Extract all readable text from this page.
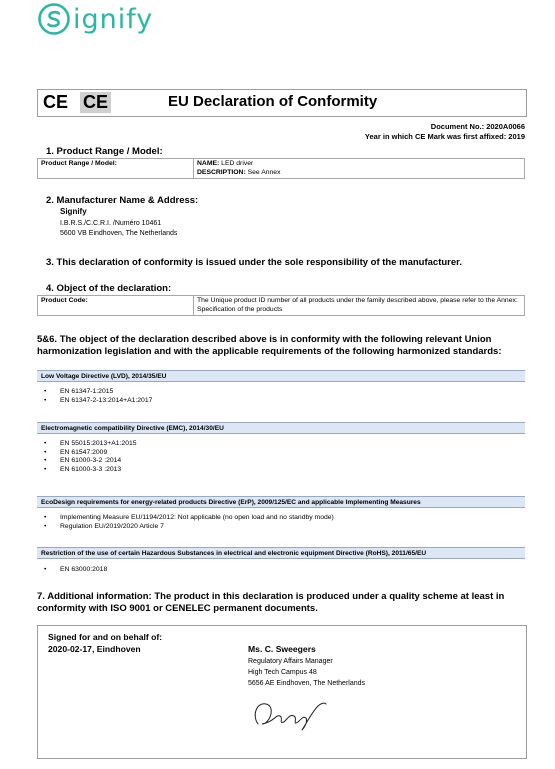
ignify
CE CE	EU Declaration of Conformity
Document No.: 2020A0066
Year in which CE Mark was first affixed: 2019
1. Product Range / Model:
Product Range / Model:	NAME: LED driver
DESCRIPTION: See Annex
2. Manufacturer Name & Address:
Signify
I.B.R.S./C.C.R.I. /Numéro 10461
5600 VB Eindhoven, The Netherlands
3. This declaration of conformity is issued under the sole responsibility of the manufacturer.
4. Object of the declaration:
Product Code:	The Unique product ID number of all products under the family described above, please refer to the Annex: Specification of the products
5&6. The object of the declaration described above is in conformity with the following relevant Union
harmonization legislation and with the applicable requirements of the following harmonized standards:
Low Voltage Directive (LVD), 2014/35/EU
• EN 61347-1:2015
• EN 61347-2-13:2014+A1:2017
Electromagnetic compatibility Directive (EMC), 2014/30/EU
• EN 55015:2013+A1:2015
• EN 61547:2009
• EN 61000-3-2 :2014
• EN 61000-3-3 :2013
EcoDesign requirements for energy-related products Directive (ErP), 2009/125/EC and applicable Implementing Measures
• Implementing Measure EU/1194/2012: Not applicable (no open load and no standby mode)
• Regulation EU/2019/2020 Article 7
Restriction of the use of certain Hazardous Substances in electrical and electronic equipment Directive (RoHS), 2011/65/EU
• EN 63000:2018
7. Additional information: The product in this declaration is produced under a quality scheme at least in
conformity with ISO 9001 or CENELEC permanent documents.
Signed for and on behalf of:
2020-02-17, Eindhoven	Ms. C. Sweegers
Regulatory Affairs Manager
High Tech Campus 48
5656 AE Eindhoven, The Netherlands
